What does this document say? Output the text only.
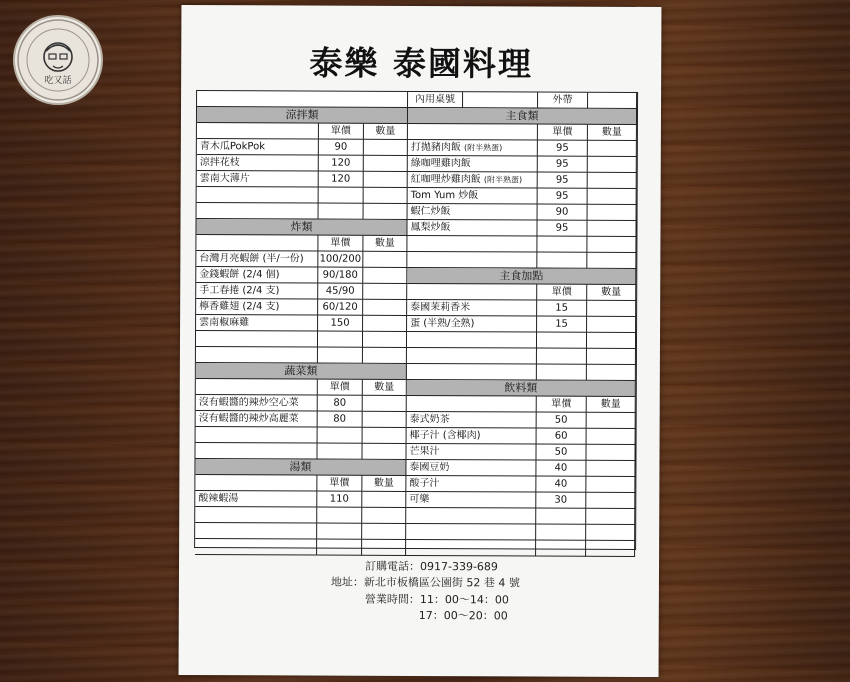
吃又話	泰樂 泰國料理
涼拌類
單價	數量
青木瓜PokPok	90
涼拌花枝	120
雲南大薄片	120
炸類
單價	數量
台灣月亮蝦餅 (半/一份)	100/200
金錢蝦餅 (2/4 個)	90/180
手工春捲 (2/4 支)	45/90
檸香雞翅 (2/4 支)	60/120
雲南椒麻雞	150
蔬菜類
單價	數量
沒有蝦醬的辣炒空心菜	80
沒有蝦醬的辣炒高麗菜	80
湯類
單價	數量
酸辣蝦湯	110
內用桌號	外帶
主食類
單價	數量
打拋豬肉飯 (附半熟蛋)	95
綠咖哩雞肉飯	95
紅咖哩炒雞肉飯 (附半熟蛋)	95
Tom Yum 炒飯	95
蝦仁炒飯	90
鳳梨炒飯	95
主食加點
單價	數量
泰國茉莉香米	15
蛋 (半熟/全熟)	15
飲料類
單價	數量
泰式奶茶	50
椰子汁 (含椰肉)	60
芒果汁	50
泰國豆奶	40
酸子汁	40
可樂	30
訂購電話：0917-339-689
地址：新北市板橋區公園街 52 巷 4 號
營業時間：11：00～14：00
17：00～20：00
